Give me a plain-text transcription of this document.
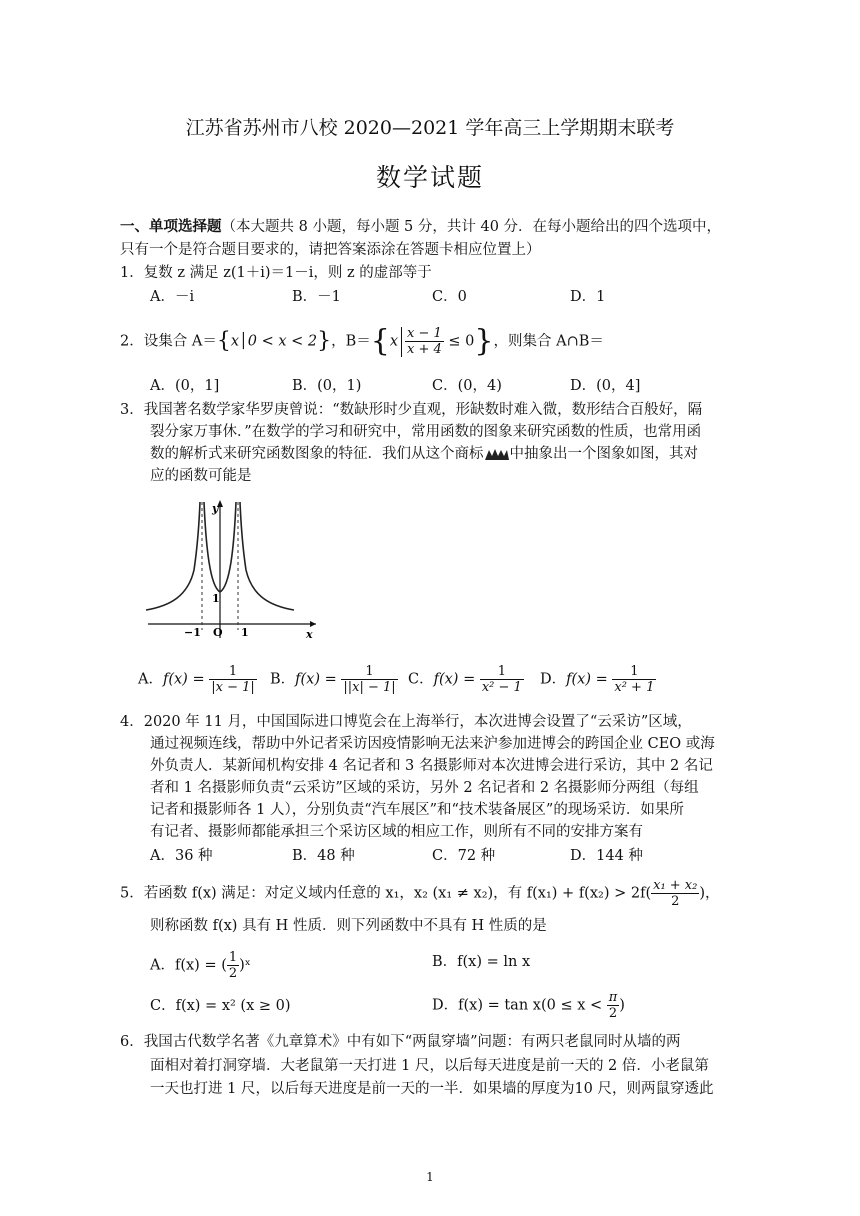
江苏省苏州市八校 2020—2021 学年高三上学期期末联考
数学试题
一、单项选择题（本大题共 8 小题，每小题 5 分，共计 40 分．在每小题给出的四个选项中，
只有一个是符合题目要求的，请把答案添涂在答题卡相应位置上）
1．复数 z 满足 z(1＋i)＝1－i，则 z 的虚部等于
A．－i	B．－1	C．0	D．1
2．设集合 A＝{x│0 < x < 2}，$B=\{x \frac{x - 1}{x + 4} \le 0\}$，则集合 A∩B＝
A．(0，1]	B．(0，1)	C．(0，4)	D．(0，4]
3．我国著名数学家华罗庚曾说：“数缺形时少直观，形缺数时难入微，数形结合百般好，隔
裂分家万事休．”在数学的学习和研究中，常用函数的图象来研究函数的性质，也常用函
数的解析式来研究函数图象的特征．我们从这个商标 中抽象出一个图象如图，其对
应的函数可能是
y
x
O
1
−1	1
A．$f(x) = \frac{1}{|x - 1|}$ B．$f(x) = \frac{1}{||x| - 1|}$ C．$f(x) = \frac{1}{\text{x² − 1}}$ D．$f(x) = \frac{1}{\text{x² + 1}}$
4．2020 年 11 月，中国国际进口博览会在上海举行，本次进博会设置了“云采访”区域，
通过视频连线，帮助中外记者采访因疫情影响无法来沪参加进博会的跨国企业 CEO 或海
外负责人．某新闻机构安排 4 名记者和 3 名摄影师对本次进博会进行采访，其中 2 名记
者和 1 名摄影师负责“云采访”区域的采访，另外 2 名记者和 2 名摄影师分两组（每组
记者和摄影师各 1 人），分别负责“汽车展区”和“技术装备展区”的现场采访．如果所
有记者、摄影师都能承担三个采访区域的相应工作，则所有不同的安排方案有
A．36 种	B．48 种	C．72 种	D．144 种
5．若函数 f(x) 满足：对定义域内任意的 x₁，x₂ (x₁ ≠ x₂)，有 $f(x_1) + f(x_2) > 2f( \frac{\text{x₁ + x₂}}{2}$ )，
则称函数 f(x) 具有 H 性质．则下列函数中不具有 H 性质的是
A．f(x) = ( $\frac{1}{2}$ )ˣ	B．f(x) = ln x
C．f(x) = x² (x ≥ 0)	D．$f(x) = \tan x(0 \le x < \frac{\pi}{2}$ )
6．我国古代数学名著《九章算术》中有如下“两鼠穿墙”问题：有两只老鼠同时从墙的两
面相对着打洞穿墙．大老鼠第一天打进 1 尺，以后每天进度是前一天的 2 倍．小老鼠第
一天也打进 1 尺，以后每天进度是前一天的一半．如果墙的厚度为10 尺，则两鼠穿透此
1
